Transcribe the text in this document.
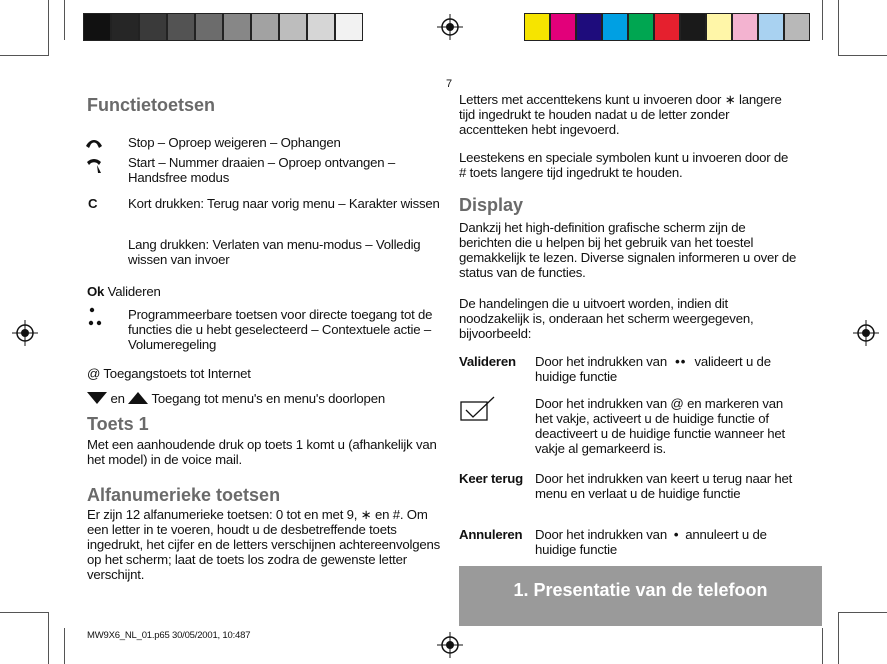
7
Functietoetsen
Stop – Oproep weigeren – Ophangen
Start – Nummer draaien – Oproep ontvangen – Handsfree modus
C Kort drukken: Terug naar vorig menu – Karakter wissen
Lang drukken: Verlaten van menu-modus – Volledig wissen van invoer
Ok Valideren
Programmeerbare toetsen voor directe toegang tot de functies die u hebt geselecteerd – Contextuele actie – Volumeregeling
@ Toegangstoets tot Internet
en Toegang tot menu's en menu's doorlopen
Toets 1
Met een aanhoudende druk op toets 1 komt u (afhankelijk van het model) in de voice mail.
Alfanumerieke toetsen
Er zijn 12 alfanumerieke toetsen: 0 tot en met 9, ∗ en #. Om een letter in te voeren, houdt u de desbetreffende toets ingedrukt, het cijfer en de letters verschijnen achtereenvolgens op het scherm; laat de toets los zodra de gewenste letter verschijnt.
MW9X6_NL_01.p65 30/05/2001, 10:487
Letters met accenttekens kunt u invoeren door ∗ langere tijd ingedrukt te houden nadat u de letter zonder accentteken hebt ingevoerd.
Leestekens en speciale symbolen kunt u invoeren door de # toets langere tijd ingedrukt te houden.
Display
Dankzij het high-definition grafische scherm zijn de berichten die u helpen bij het gebruik van het toestel gemakkelijk te lezen. Diverse signalen informeren u over de status van de functies.
De handelingen die u uitvoert worden, indien dit noodzakelijk is, onderaan het scherm weergegeven, bijvoorbeeld:
Valideren Door het indrukken van  ••  valideert u de huidige functie
Door het indrukken van @ en markeren van het vakje, activeert u de huidige functie of deactiveert u de huidige functie wanneer het vakje al gemarkeerd is.
Keer terug Door het indrukken van keert u terug naar het menu en verlaat u de huidige functie
Annuleren Door het indrukken van  •  annuleert u de huidige functie
1. Presentatie van de telefoon
